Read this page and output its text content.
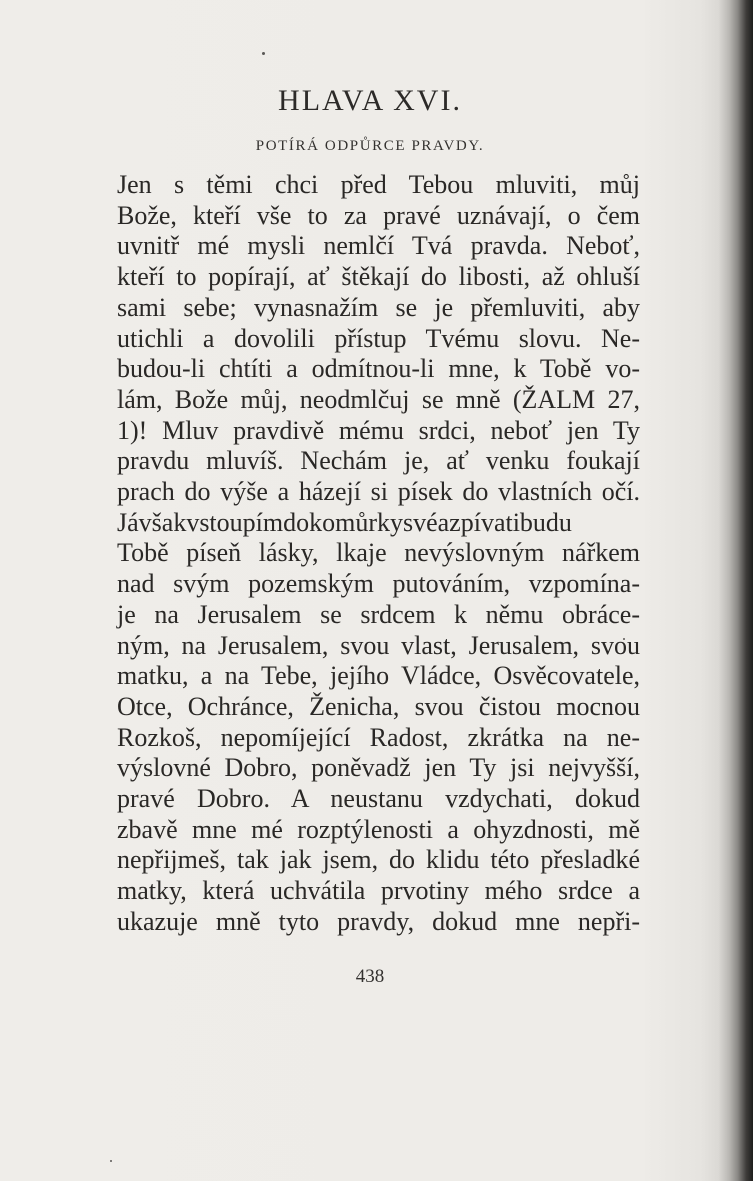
HLAVA XVI.
POTÍRÁ ODPŮRCE PRAVDY.
Jen s těmi chci před Tebou mluviti, můj
Bože, kteří vše to za pravé uznávají, o čem
uvnitř mé mysli nemlčí Tvá pravda. Neboť,
kteří to popírají, ať štěkají do libosti, až ohluší
sami sebe; vynasnažím se je přemluviti, aby
utichli a dovolili přístup Tvému slovu. Ne-
budou-li chtíti a odmítnou-li mne, k Tobě vo-
lám, Bože můj, neodmlčuj se mně (ŽALM 27,
1)! Mluv pravdivě mému srdci, neboť jen Ty
pravdu mluvíš. Nechám je, ať venku foukají
prach do výše a házejí si písek do vlastních očí.
Jávšakvstoupímdokomůrkysvéazpívatibudu
Tobě píseň lásky, lkaje nevýslovným nářkem
nad svým pozemským putováním, vzpomína-
je na Jerusalem se srdcem k němu obráce-
ným, na Jerusalem, svou vlast, Jerusalem, svou
matku, a na Tebe, jejího Vládce, Osvěcovatele,
Otce, Ochránce, Ženicha, svou čistou mocnou
Rozkoš, nepomíjející Radost, zkrátka na ne-
výslovné Dobro, poněvadž jen Ty jsi nejvyšší,
pravé Dobro. A neustanu vzdychati, dokud
zbavě mne mé rozptýlenosti a ohyzdnosti, mě
nepřijmeš, tak jak jsem, do klidu této přesladké
matky, která uchvátila prvotiny mého srdce a
ukazuje mně tyto pravdy, dokud mne nepři-
438
